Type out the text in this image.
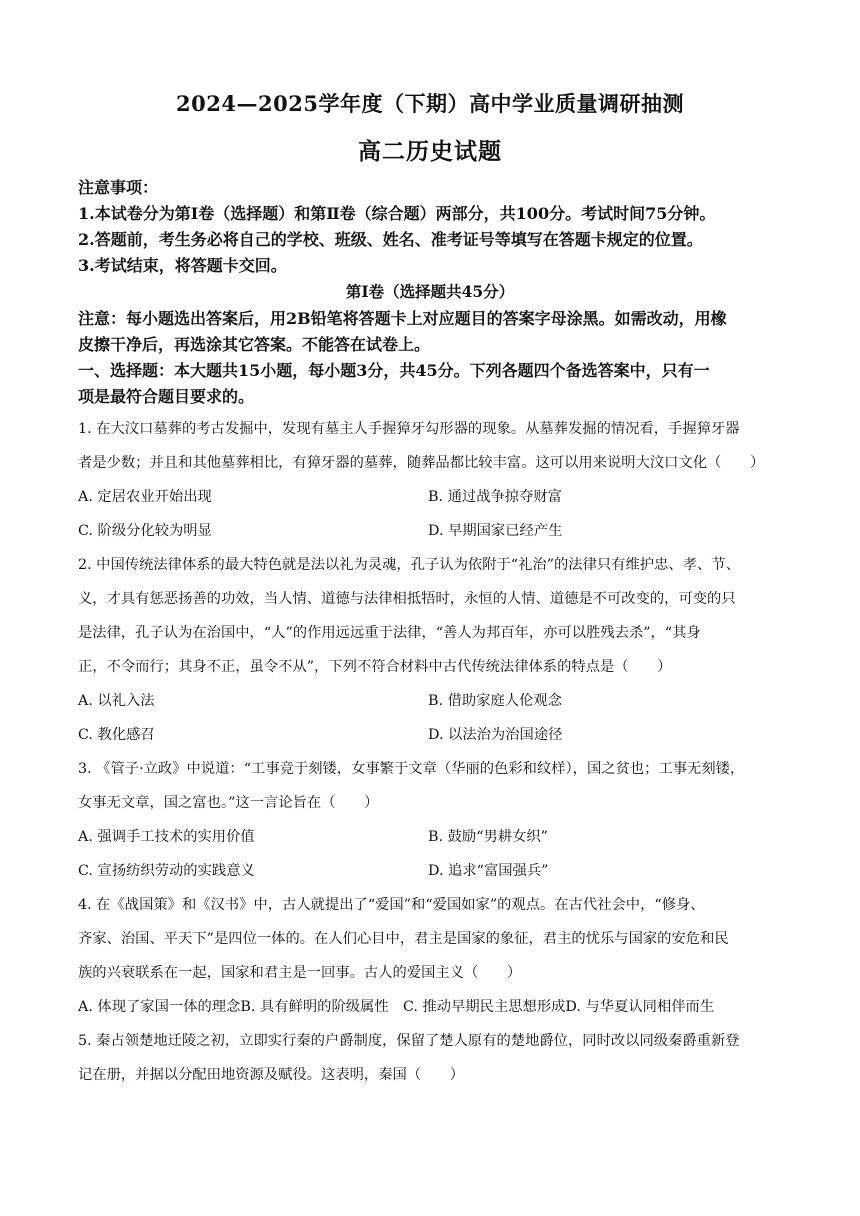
2024—2025学年度（下期）高中学业质量调研抽测
高二历史试题
注意事项：
1.本试卷分为第Ⅰ卷（选择题）和第Ⅱ卷（综合题）两部分，共100分。考试时间75分钟。
2.答题前，考生务必将自己的学校、班级、姓名、准考证号等填写在答题卡规定的位置。
3.考试结束，将答题卡交回。
第Ⅰ卷（选择题共45分）
注意：每小题选出答案后，用2B铅笔将答题卡上对应题目的答案字母涂黑。如需改动，用橡
皮擦干净后，再选涂其它答案。不能答在试卷上。
一、选择题：本大题共15小题，每小题3分，共45分。下列各题四个备选答案中，只有一
项是最符合题目要求的。
1. 在大汶口墓葬的考古发掘中，发现有墓主人手握獐牙勾形器的现象。从墓葬发掘的情况看，手握獐牙器
者是少数；并且和其他墓葬相比，有獐牙器的墓葬，随葬品都比较丰富。这可以用来说明大汶口文化（　　）
A. 定居农业开始出现	B. 通过战争掠夺财富
C. 阶级分化较为明显	D. 早期国家已经产生
2. 中国传统法律体系的最大特色就是法以礼为灵魂，孔子认为依附于“礼治”的法律只有维护忠、孝、节、
义，才具有惩恶扬善的功效，当人情、道德与法律相抵牾时，永恒的人情、道德是不可改变的，可变的只
是法律，孔子认为在治国中，“人”的作用远远重于法律，“善人为邦百年，亦可以胜残去杀”，“其身
正，不令而行；其身不正，虽令不从”，下列不符合材料中古代传统法律体系的特点是（　　）
A. 以礼入法	B. 借助家庭人伦观念
C. 教化感召	D. 以法治为治国途径
3. 《管子·立政》中说道：“工事竞于刻镂，女事繁于文章（华丽的色彩和纹样），国之贫也；工事无刻镂，
女事无文章，国之富也。”这一言论旨在（　　）
A. 强调手工技术的实用价值	B. 鼓励“男耕女织”
C. 宣扬纺织劳动的实践意义	D. 追求“富国强兵”
4. 在《战国策》和《汉书》中，古人就提出了“爱国”和“爱国如家”的观点。在古代社会中，“修身、
齐家、治国、平天下”是四位一体的。在人们心目中，君主是国家的象征，君主的忧乐与国家的安危和民
族的兴衰联系在一起，国家和君主是一回事。古人的爱国主义（　　）
A. 体现了家国一体的理念B. 具有鲜明的阶级属性　C. 推动早期民主思想形成D. 与华夏认同相伴而生
5. 秦占领楚地迁陵之初，立即实行秦的户爵制度，保留了楚人原有的楚地爵位，同时改以同级秦爵重新登
记在册，并据以分配田地资源及赋役。这表明，秦国（　　）
